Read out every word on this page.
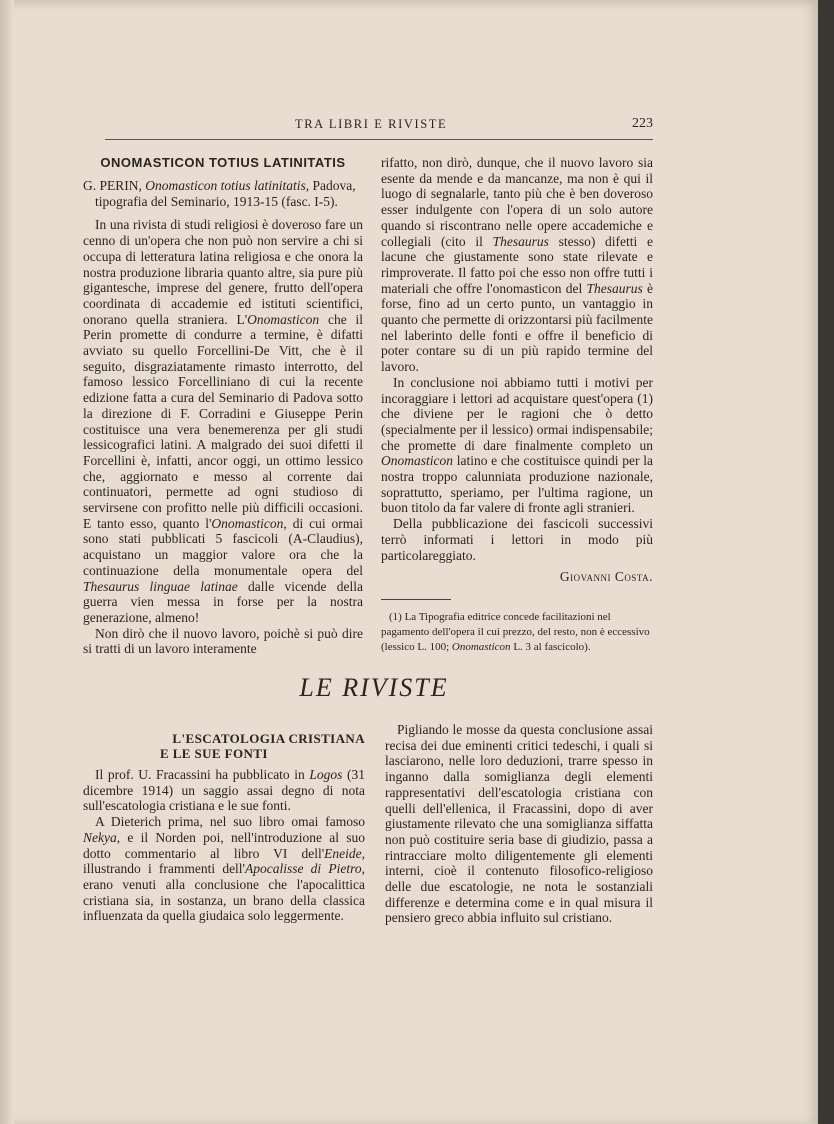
TRA LIBRI E RIVISTE	223
ONOMASTICON TOTIUS LATINITATIS

G. PERIN, Onomasticon totius latinitatis, Padova, tipografia del Seminario, 1913-15 (fasc. I-5).

In una rivista di studi religiosi è doveroso fare un cenno di un'opera che non può non servire a chi si occupa di letteratura latina religiosa e che onora la nostra produzione libraria quanto altre, sia pure più gigantesche, imprese del genere, frutto dell'opera coordinata di accademie ed istituti scientifici, onorano quella straniera. L'Onomasticon che il Perin promette di condurre a termine, è difatti avviato su quello Forcellini-De Vitt, che è il seguito, disgraziatamente rimasto interrotto, del famoso lessico Forcelliniano di cui la recente edizione fatta a cura del Seminario di Padova sotto la direzione di F. Corradini e Giuseppe Perin costituisce una vera benemerenza per gli studi lessicografici latini. A malgrado dei suoi difetti il Forcellini è, infatti, ancor oggi, un ottimo lessico che, aggiornato e messo al corrente dai continuatori, permette ad ogni studioso di servirsene con profitto nelle più difficili occasioni. E tanto esso, quanto l'Onomasticon, di cui ormai sono stati pubblicati 5 fascicoli (A-Claudius), acquistano un maggior valore ora che la continuazione della monumentale opera del Thesaurus linguae latinae dalle vicende della guerra vien messa in forse per la nostra generazione, almeno!

Non dirò che il nuovo lavoro, poichè si può dire si tratti di un lavoro interamente

rifatto, non dirò, dunque, che il nuovo lavoro sia esente da mende e da mancanze, ma non è qui il luogo di segnalarle, tanto più che è ben doveroso esser indulgente con l'opera di un solo autore quando si riscontrano nelle opere accademiche e collegiali (cito il Thesaurus stesso) difetti e lacune che giustamente sono state rilevate e rimproverate. Il fatto poi che esso non offre tutti i materiali che offre l'onomasticon del Thesaurus è forse, fino ad un certo punto, un vantaggio in quanto che permette di orizzontarsi più facilmente nel laberinto delle fonti e offre il beneficio di poter contare su di un più rapido termine del lavoro.

In conclusione noi abbiamo tutti i motivi per incoraggiare i lettori ad acquistare quest'opera (1) che diviene per le ragioni che ò detto (specialmente per il lessico) ormai indispensabile; che promette di dare finalmente completo un Onomasticon latino e che costituisce quindi per la nostra troppo calunniata produzione nazionale, soprattutto, speriamo, per l'ultima ragione, un buon titolo da far valere di fronte agli stranieri.

Della pubblicazione dei fascicoli successivi terrò informati i lettori in modo più particolareggiato.

Giovanni Costa.

(1) La Tipografia editrice concede facilitazioni nel pagamento dell'opera il cui prezzo, del resto, non è eccessivo (lessico L. 100; Onomasticon L. 3 al fascicolo).

LE RIVISTE
L'ESCATOLOGIA CRISTIANA
E LE SUE FONTI

Il prof. U. Fracassini ha pubblicato in Logos (31 dicembre 1914) un saggio assai degno di nota sull'escatologia cristiana e le sue fonti.

A Dieterich prima, nel suo libro omai famoso Nekya, e il Norden poi, nell'introduzione al suo dotto commentario al libro VI dell'Eneide, illustrando i frammenti dell'Apocalisse di Pietro, erano venuti alla conclusione che l'apocalittica cristiana sia, in sostanza, un brano della classica influenzata da quella giudaica solo leggermente.

Pigliando le mosse da questa conclusione assai recisa dei due eminenti critici tedeschi, i quali si lasciarono, nelle loro deduzioni, trarre spesso in inganno dalla somiglianza degli elementi rappresentativi dell'escatologia cristiana con quelli dell'ellenica, il Fracassini, dopo di aver giustamente rilevato che una somiglianza siffatta non può costituire seria base di giudizio, passa a rintracciare molto diligentemente gli elementi interni, cioè il contenuto filosofico-religioso delle due escatologie, ne nota le sostanziali differenze e determina come e in qual misura il pensiero greco abbia influito sul cristiano.
